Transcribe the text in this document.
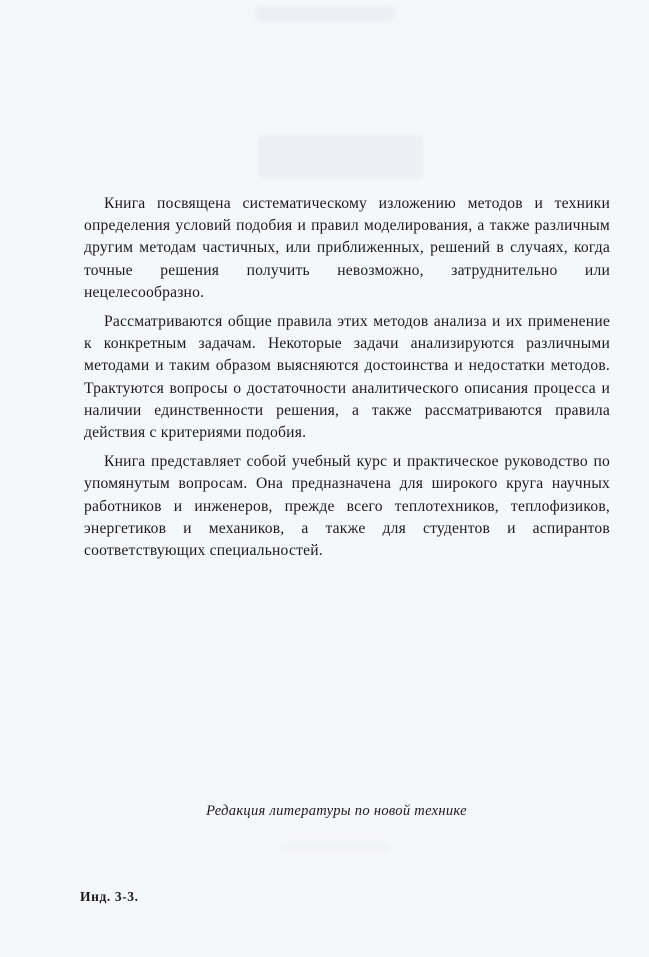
Книга посвящена систематическому изложению методов и техники определения условий подобия и правил моделирования, а также различным другим методам частичных, или приближенных, решений в случаях, когда точные решения получить невозможно, затруднительно или нецелесообразно.

Рассматриваются общие правила этих методов анализа и их применение к конкретным задачам. Некоторые задачи анализируются различными методами и таким образом выясняются достоинства и недостатки методов. Трактуются вопросы о достаточности аналитического описания процесса и наличии единственности решения, а также рассматриваются правила действия с критериями подобия.

Книга представляет собой учебный курс и практическое руководство по упомянутым вопросам. Она предназначена для широкого круга научных работников и инженеров, прежде всего теплотехников, теплофизиков, энергетиков и механиков, а также для студентов и аспирантов соответствующих специальностей.

Редакция литературы по новой технике
Инд. 3-3.
